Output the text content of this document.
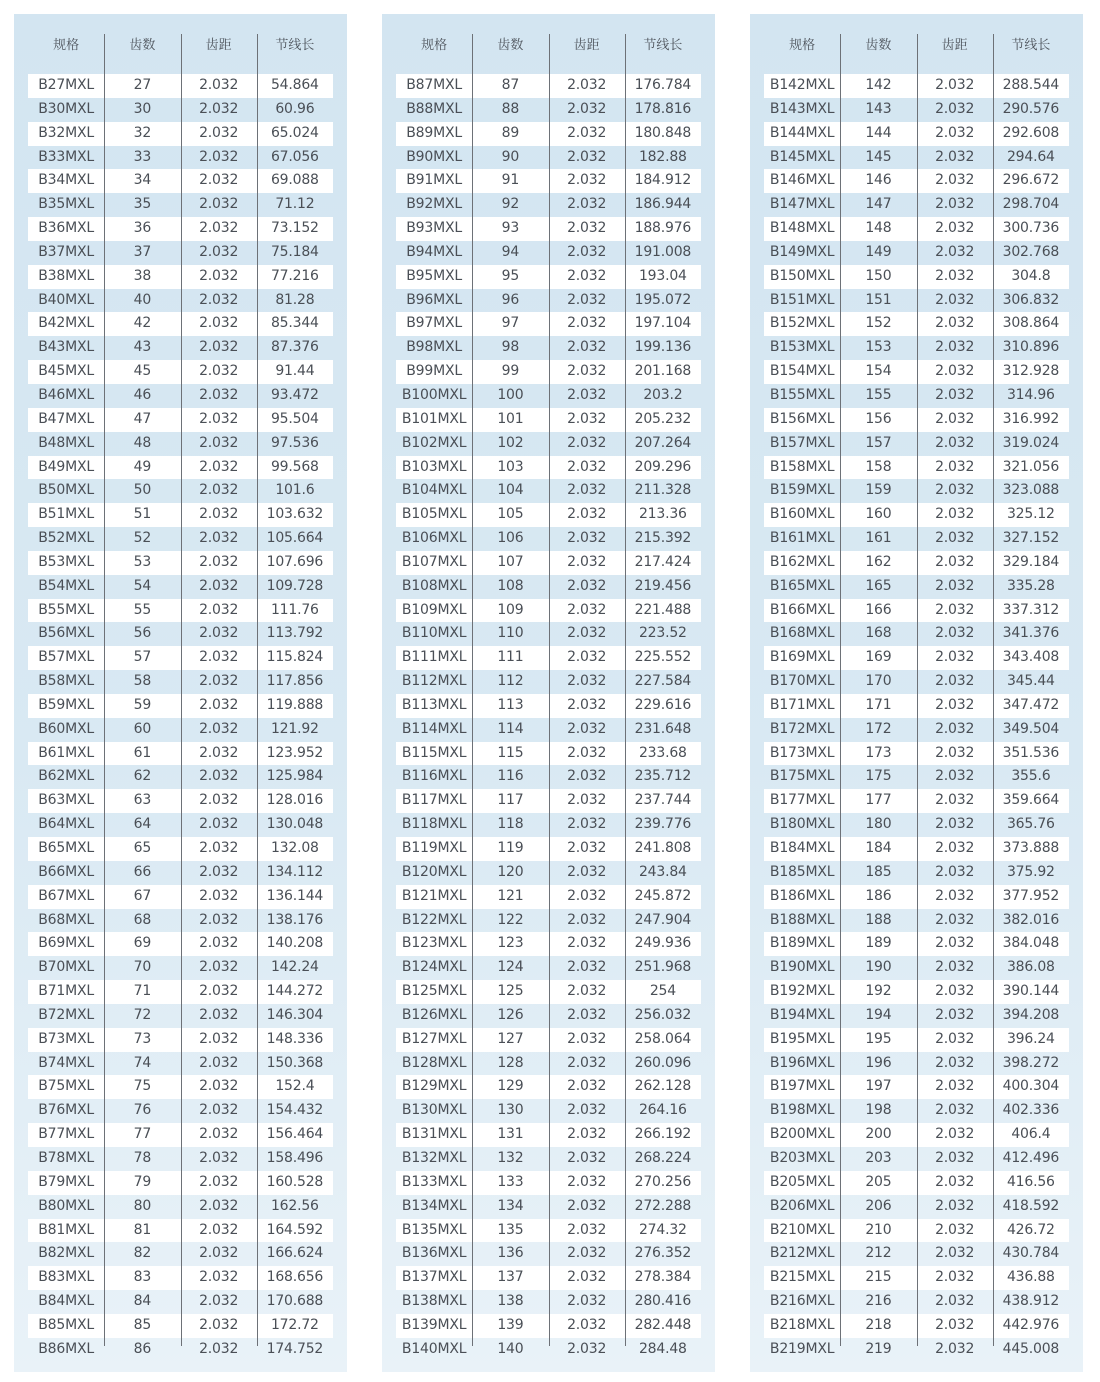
规格	齿数	齿距	节线长
B27MXL	27	2.032	54.864
B30MXL	30	2.032	60.96
B32MXL	32	2.032	65.024
B33MXL	33	2.032	67.056
B34MXL	34	2.032	69.088
B35MXL	35	2.032	71.12
B36MXL	36	2.032	73.152
B37MXL	37	2.032	75.184
B38MXL	38	2.032	77.216
B40MXL	40	2.032	81.28
B42MXL	42	2.032	85.344
B43MXL	43	2.032	87.376
B45MXL	45	2.032	91.44
B46MXL	46	2.032	93.472
B47MXL	47	2.032	95.504
B48MXL	48	2.032	97.536
B49MXL	49	2.032	99.568
B50MXL	50	2.032	101.6
B51MXL	51	2.032	103.632
B52MXL	52	2.032	105.664
B53MXL	53	2.032	107.696
B54MXL	54	2.032	109.728
B55MXL	55	2.032	111.76
B56MXL	56	2.032	113.792
B57MXL	57	2.032	115.824
B58MXL	58	2.032	117.856
B59MXL	59	2.032	119.888
B60MXL	60	2.032	121.92
B61MXL	61	2.032	123.952
B62MXL	62	2.032	125.984
B63MXL	63	2.032	128.016
B64MXL	64	2.032	130.048
B65MXL	65	2.032	132.08
B66MXL	66	2.032	134.112
B67MXL	67	2.032	136.144
B68MXL	68	2.032	138.176
B69MXL	69	2.032	140.208
B70MXL	70	2.032	142.24
B71MXL	71	2.032	144.272
B72MXL	72	2.032	146.304
B73MXL	73	2.032	148.336
B74MXL	74	2.032	150.368
B75MXL	75	2.032	152.4
B76MXL	76	2.032	154.432
B77MXL	77	2.032	156.464
B78MXL	78	2.032	158.496
B79MXL	79	2.032	160.528
B80MXL	80	2.032	162.56
B81MXL	81	2.032	164.592
B82MXL	82	2.032	166.624
B83MXL	83	2.032	168.656
B84MXL	84	2.032	170.688
B85MXL	85	2.032	172.72
B86MXL	86	2.032	174.752
规格	齿数	齿距	节线长
B87MXL	87	2.032	176.784
B88MXL	88	2.032	178.816
B89MXL	89	2.032	180.848
B90MXL	90	2.032	182.88
B91MXL	91	2.032	184.912
B92MXL	92	2.032	186.944
B93MXL	93	2.032	188.976
B94MXL	94	2.032	191.008
B95MXL	95	2.032	193.04
B96MXL	96	2.032	195.072
B97MXL	97	2.032	197.104
B98MXL	98	2.032	199.136
B99MXL	99	2.032	201.168
B100MXL	100	2.032	203.2
B101MXL	101	2.032	205.232
B102MXL	102	2.032	207.264
B103MXL	103	2.032	209.296
B104MXL	104	2.032	211.328
B105MXL	105	2.032	213.36
B106MXL	106	2.032	215.392
B107MXL	107	2.032	217.424
B108MXL	108	2.032	219.456
B109MXL	109	2.032	221.488
B110MXL	110	2.032	223.52
B111MXL	111	2.032	225.552
B112MXL	112	2.032	227.584
B113MXL	113	2.032	229.616
B114MXL	114	2.032	231.648
B115MXL	115	2.032	233.68
B116MXL	116	2.032	235.712
B117MXL	117	2.032	237.744
B118MXL	118	2.032	239.776
B119MXL	119	2.032	241.808
B120MXL	120	2.032	243.84
B121MXL	121	2.032	245.872
B122MXL	122	2.032	247.904
B123MXL	123	2.032	249.936
B124MXL	124	2.032	251.968
B125MXL	125	2.032	254
B126MXL	126	2.032	256.032
B127MXL	127	2.032	258.064
B128MXL	128	2.032	260.096
B129MXL	129	2.032	262.128
B130MXL	130	2.032	264.16
B131MXL	131	2.032	266.192
B132MXL	132	2.032	268.224
B133MXL	133	2.032	270.256
B134MXL	134	2.032	272.288
B135MXL	135	2.032	274.32
B136MXL	136	2.032	276.352
B137MXL	137	2.032	278.384
B138MXL	138	2.032	280.416
B139MXL	139	2.032	282.448
B140MXL	140	2.032	284.48
规格	齿数	齿距	节线长
B142MXL	142	2.032	288.544
B143MXL	143	2.032	290.576
B144MXL	144	2.032	292.608
B145MXL	145	2.032	294.64
B146MXL	146	2.032	296.672
B147MXL	147	2.032	298.704
B148MXL	148	2.032	300.736
B149MXL	149	2.032	302.768
B150MXL	150	2.032	304.8
B151MXL	151	2.032	306.832
B152MXL	152	2.032	308.864
B153MXL	153	2.032	310.896
B154MXL	154	2.032	312.928
B155MXL	155	2.032	314.96
B156MXL	156	2.032	316.992
B157MXL	157	2.032	319.024
B158MXL	158	2.032	321.056
B159MXL	159	2.032	323.088
B160MXL	160	2.032	325.12
B161MXL	161	2.032	327.152
B162MXL	162	2.032	329.184
B165MXL	165	2.032	335.28
B166MXL	166	2.032	337.312
B168MXL	168	2.032	341.376
B169MXL	169	2.032	343.408
B170MXL	170	2.032	345.44
B171MXL	171	2.032	347.472
B172MXL	172	2.032	349.504
B173MXL	173	2.032	351.536
B175MXL	175	2.032	355.6
B177MXL	177	2.032	359.664
B180MXL	180	2.032	365.76
B184MXL	184	2.032	373.888
B185MXL	185	2.032	375.92
B186MXL	186	2.032	377.952
B188MXL	188	2.032	382.016
B189MXL	189	2.032	384.048
B190MXL	190	2.032	386.08
B192MXL	192	2.032	390.144
B194MXL	194	2.032	394.208
B195MXL	195	2.032	396.24
B196MXL	196	2.032	398.272
B197MXL	197	2.032	400.304
B198MXL	198	2.032	402.336
B200MXL	200	2.032	406.4
B203MXL	203	2.032	412.496
B205MXL	205	2.032	416.56
B206MXL	206	2.032	418.592
B210MXL	210	2.032	426.72
B212MXL	212	2.032	430.784
B215MXL	215	2.032	436.88
B216MXL	216	2.032	438.912
B218MXL	218	2.032	442.976
B219MXL	219	2.032	445.008
